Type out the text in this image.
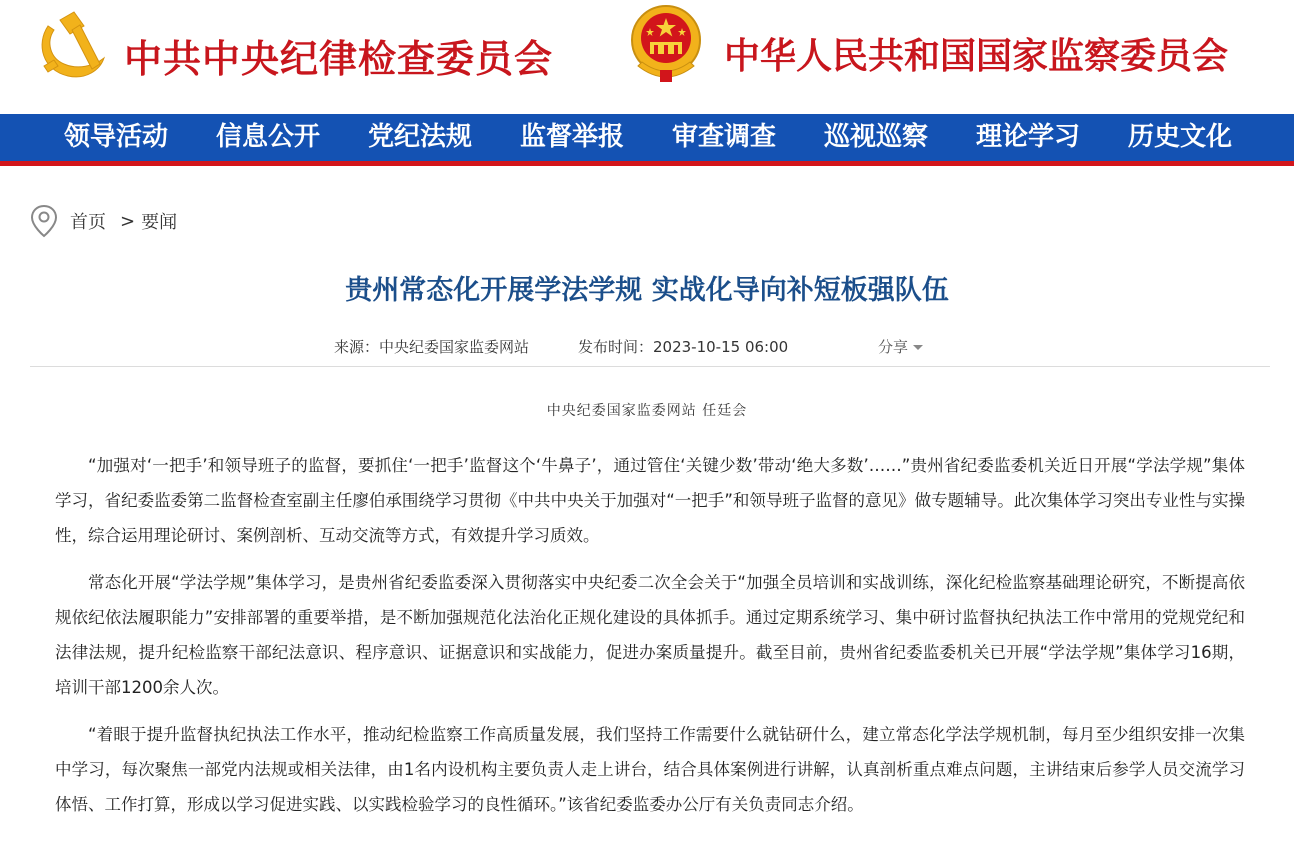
中共中央纪律检查委员会	中华人民共和国国家监察委员会
领导活动	信息公开	党纪法规	监督举报	审查调查	巡视巡察	理论学习	历史文化
首页 > 要闻
贵州常态化开展学法学规 实战化导向补短板强队伍
来源：中央纪委国家监委网站	发布时间：2023-10-15 06:00	分享
中央纪委国家监委网站 任廷会

“加强对‘一把手’和领导班子的监督，要抓住‘一把手’监督这个‘牛鼻子’，通过管住‘关键少数’带动‘绝大多数’……”贵州省纪委监委机关近日开展“学法学规”集体学习，省纪委监委第二监督检查室副主任廖伯承围绕学习贯彻《中共中央关于加强对“一把手”和领导班子监督的意见》做专题辅导。此次集体学习突出专业性与实操性，综合运用理论研讨、案例剖析、互动交流等方式，有效提升学习质效。

常态化开展“学法学规”集体学习，是贵州省纪委监委深入贯彻落实中央纪委二次全会关于“加强全员培训和实战训练，深化纪检监察基础理论研究，不断提高依规依纪依法履职能力”安排部署的重要举措，是不断加强规范化法治化正规化建设的具体抓手。通过定期系统学习、集中研讨监督执纪执法工作中常用的党规党纪和法律法规，提升纪检监察干部纪法意识、程序意识、证据意识和实战能力，促进办案质量提升。截至目前，贵州省纪委监委机关已开展“学法学规”集体学习16期，培训干部1200余人次。

“着眼于提升监督执纪执法工作水平，推动纪检监察工作高质量发展，我们坚持工作需要什么就钻研什么，建立常态化学法学规机制，每月至少组织安排一次集中学习，每次聚焦一部党内法规或相关法律，由1名内设机构主要负责人走上讲台，结合具体案例进行讲解，认真剖析重点难点问题，主讲结束后参学人员交流学习体悟、工作打算，形成以学习促进实践、以实践检验学习的良性循环。”该省纪委监委办公厅有关负责同志介绍。
